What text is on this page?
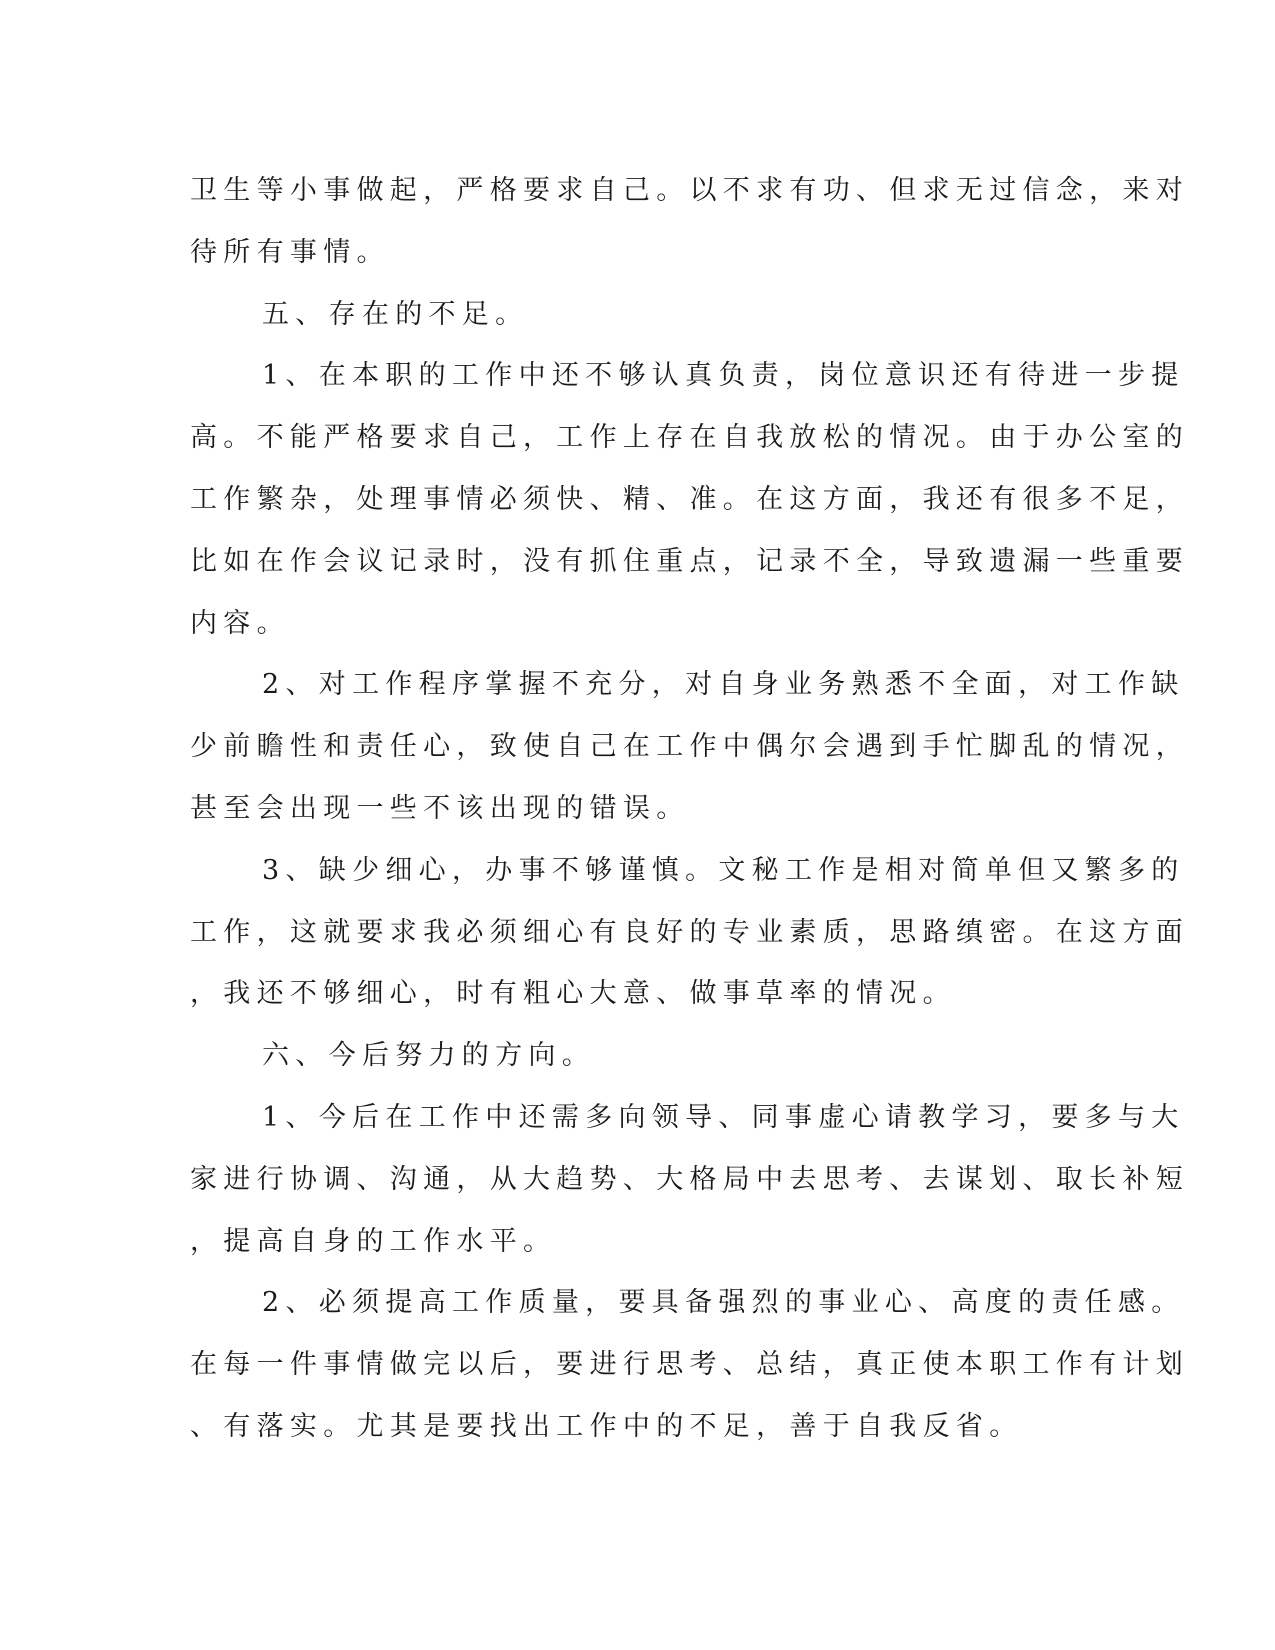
卫生等小事做起，严格要求自己。以不求有功、但求无过信念，来对
待所有事情。
五、存在的不足。
1、在本职的工作中还不够认真负责，岗位意识还有待进一步提
高。不能严格要求自己，工作上存在自我放松的情况。由于办公室的
工作繁杂，处理事情必须快、精、准。在这方面，我还有很多不足，
比如在作会议记录时，没有抓住重点，记录不全，导致遗漏一些重要
内容。
2、对工作程序掌握不充分，对自身业务熟悉不全面，对工作缺
少前瞻性和责任心，致使自己在工作中偶尔会遇到手忙脚乱的情况，
甚至会出现一些不该出现的错误。
3、缺少细心，办事不够谨慎。文秘工作是相对简单但又繁多的
工作，这就要求我必须细心有良好的专业素质，思路缜密。在这方面
，我还不够细心，时有粗心大意、做事草率的情况。
六、今后努力的方向。
1、今后在工作中还需多向领导、同事虚心请教学习，要多与大
家进行协调、沟通，从大趋势、大格局中去思考、去谋划、取长补短
，提高自身的工作水平。
2、必须提高工作质量，要具备强烈的事业心、高度的责任感。
在每一件事情做完以后，要进行思考、总结，真正使本职工作有计划
、有落实。尤其是要找出工作中的不足，善于自我反省。
